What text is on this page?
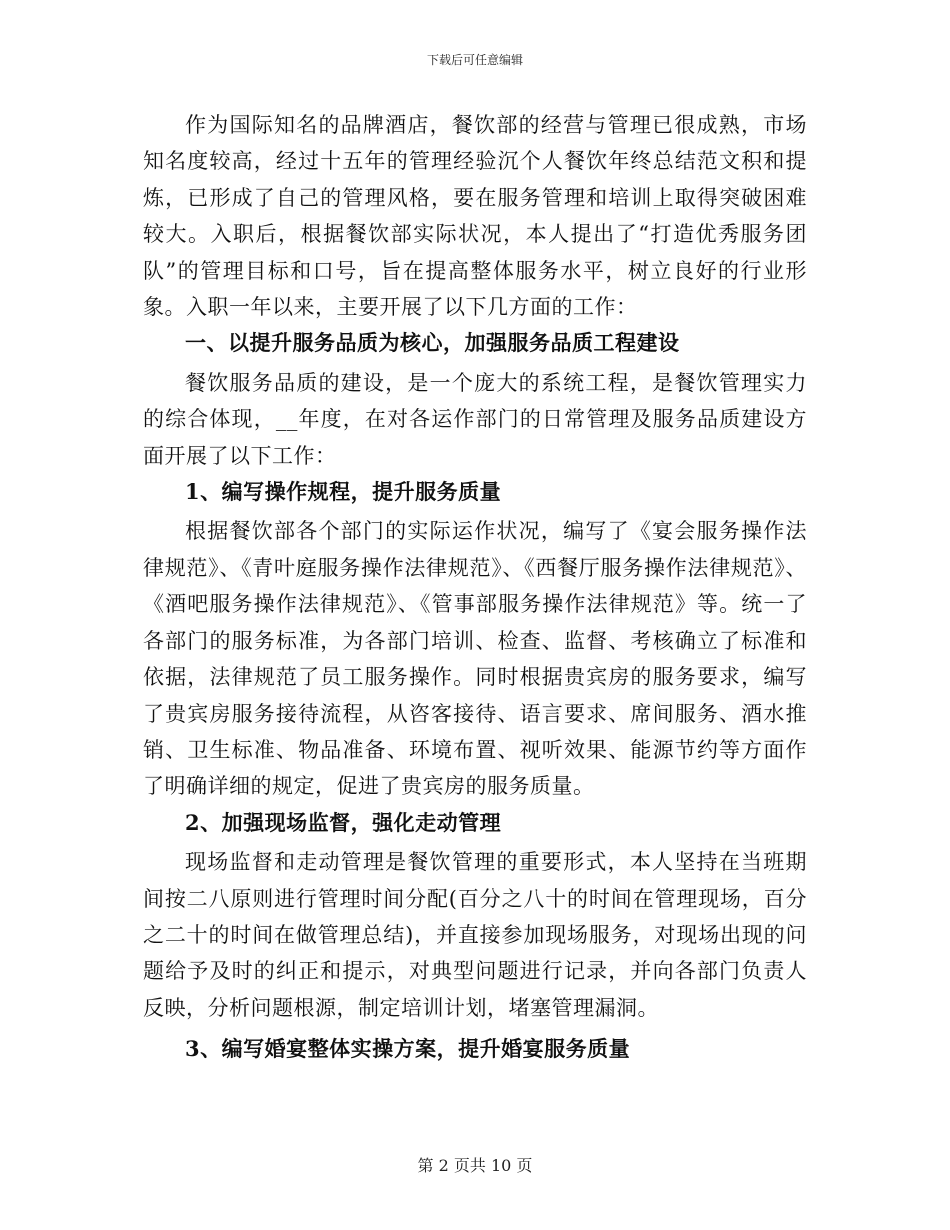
下载后可任意编辑

作为国际知名的品牌酒店，餐饮部的经营与管理已很成熟，市场知名度较高，经过十五年的管理经验沉个人餐饮年终总结范文积和提炼，已形成了自己的管理风格，要在服务管理和培训上取得突破困难较大。入职后，根据餐饮部实际状况，本人提出了“打造优秀服务团队”的管理目标和口号，旨在提高整体服务水平，树立良好的行业形象。入职一年以来，主要开展了以下几方面的工作：

一、以提升服务品质为核心，加强服务品质工程建设

餐饮服务品质的建设，是一个庞大的系统工程，是餐饮管理实力的综合体现，__年度，在对各运作部门的日常管理及服务品质建设方面开展了以下工作：

1、编写操作规程，提升服务质量

根据餐饮部各个部门的实际运作状况，编写了《宴会服务操作法律规范》、《青叶庭服务操作法律规范》、《西餐厅服务操作法律规范》、《酒吧服务操作法律规范》、《管事部服务操作法律规范》等。统一了各部门的服务标准，为各部门培训、检查、监督、考核确立了标准和依据，法律规范了员工服务操作。同时根据贵宾房的服务要求，编写了贵宾房服务接待流程，从咨客接待、语言要求、席间服务、酒水推销、卫生标准、物品准备、环境布置、视听效果、能源节约等方面作了明确详细的规定，促进了贵宾房的服务质量。

2、加强现场监督，强化走动管理

现场监督和走动管理是餐饮管理的重要形式，本人坚持在当班期间按二八原则进行管理时间分配(百分之八十的时间在管理现场，百分之二十的时间在做管理总结)，并直接参加现场服务，对现场出现的问题给予及时的纠正和提示，对典型问题进行记录，并向各部门负责人反映，分析问题根源，制定培训计划，堵塞管理漏洞。

3、编写婚宴整体实操方案，提升婚宴服务质量

第 2 页共 10 页
